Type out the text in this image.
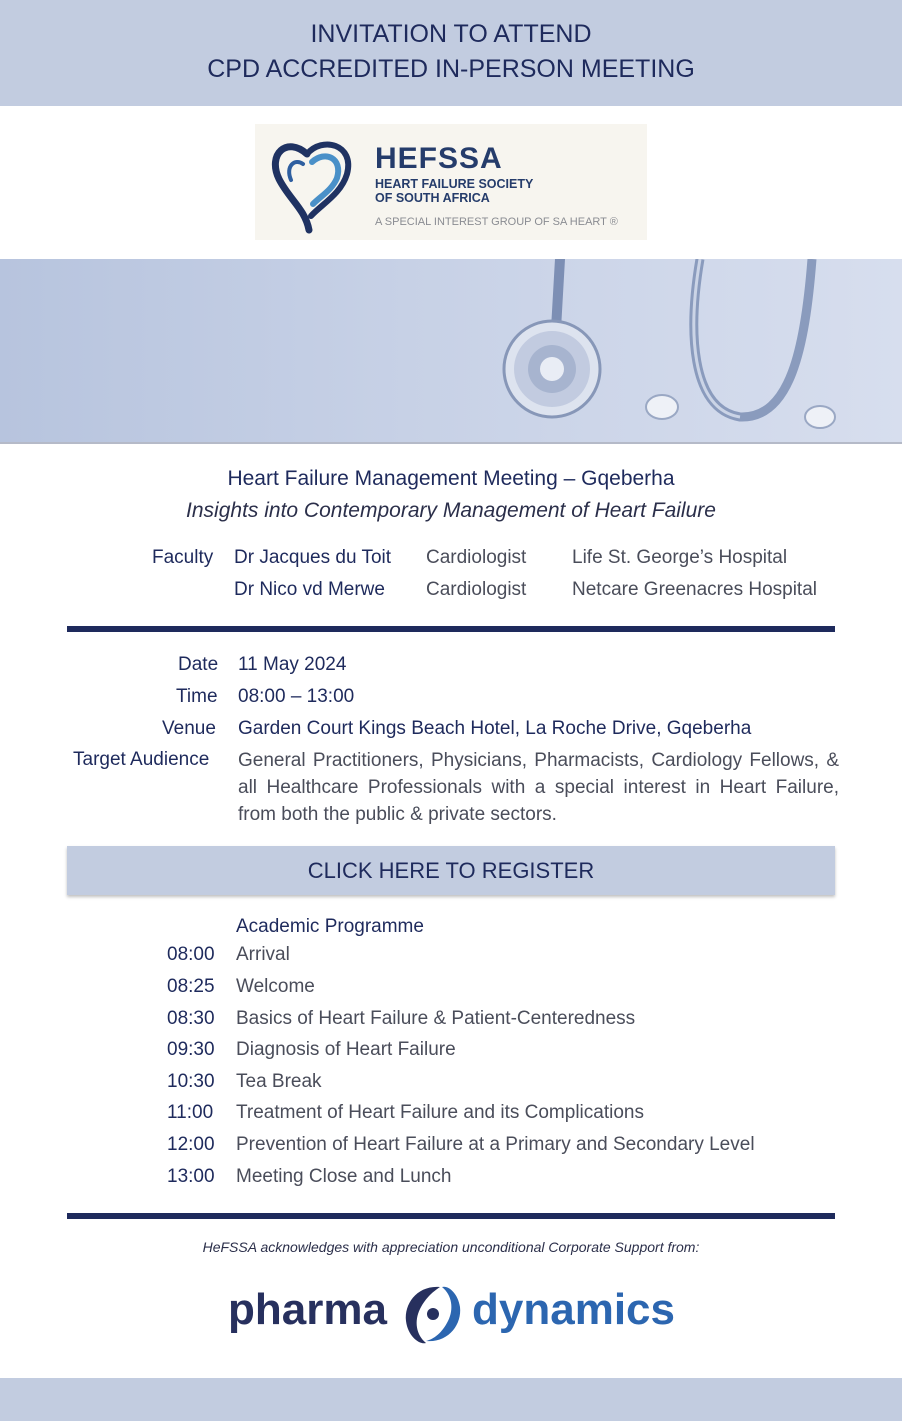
INVITATION TO ATTEND
CPD ACCREDITED IN-PERSON MEETING
HEFSSA
HEART FAILURE SOCIETY
OF SOUTH AFRICA
A SPECIAL INTEREST GROUP OF SA HEART ®
Heart Failure Management Meeting – Gqeberha
Insights into Contemporary Management of Heart Failure
Faculty Dr Jacques du Toit Cardiologist Life St. George’s Hospital
Dr Nico vd Merwe Cardiologist Netcare Greenacres Hospital
Date 11 May 2024
Time 08:00 – 13:00
Venue Garden Court Kings Beach Hotel, La Roche Drive, Gqeberha
Target Audience General Practitioners, Physicians, Pharmacists, Cardiology Fellows, & all Healthcare Professionals with a special interest in Heart Failure, from both the public & private sectors.
CLICK HERE TO REGISTER
Academic Programme
08:00 Arrival
08:25 Welcome
08:30 Basics of Heart Failure & Patient-Centeredness
09:30 Diagnosis of Heart Failure
10:30 Tea Break
11:00 Treatment of Heart Failure and its Complications
12:00 Prevention of Heart Failure at a Primary and Secondary Level
13:00 Meeting Close and Lunch
HeFSSA acknowledges with appreciation unconditional Corporate Support from:
pharma dynamics
